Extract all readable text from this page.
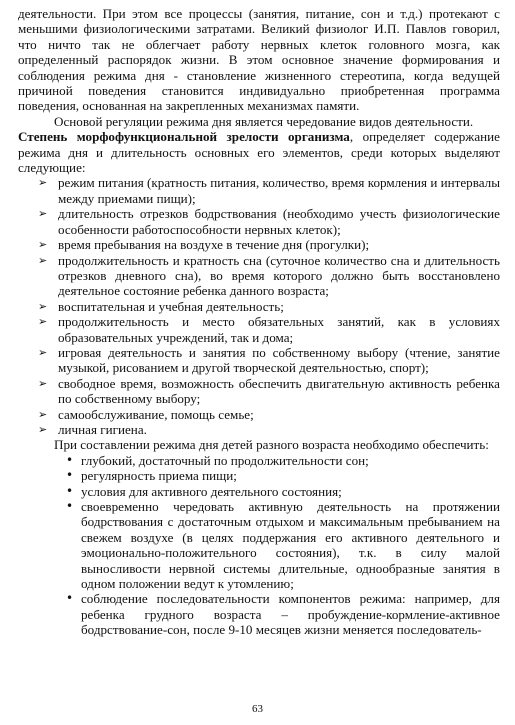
деятельности. При этом все процессы (занятия, питание, сон и т.д.) протекают с меньшими физиологическими затратами. Великий физиолог И.П. Павлов говорил, что ничто так не облегчает работу нервных клеток головного мозга, как определенный распорядок жизни. В этом основное значение формирования и соблюдения режима дня - становление жизненного стереотипа, когда ведущей причиной поведения становится индивидуально приобретенная программа поведения, основанная на закрепленных механизмах памяти.

Основой регуляции режима дня является чередование видов деятельности.

Степень морфофункциональной зрелости организма, определяет содержание режима дня и длительность основных его элементов, среди которых выделяют следующие:

➢ режим питания (кратность питания, количество, время кормления и интервалы между приемами пищи);
➢ длительность отрезков бодрствования (необходимо учесть физиологические особенности работоспособности нервных клеток);
➢ время пребывания на воздухе в течение дня (прогулки);
➢ продолжительность и кратность сна (суточное количество сна и длительность отрезков дневного сна), во время которого должно быть восстановлено деятельное состояние ребенка данного возраста;
➢ воспитательная и учебная деятельность;
➢ продолжительность и место обязательных занятий, как в условиях образовательных учреждений, так и дома;
➢ игровая деятельность и занятия по собственному выбору (чтение, занятие музыкой, рисованием и другой творческой деятельностью, спорт);
➢ свободное время, возможность обеспечить двигательную активность ребенка по собственному выбору;
➢ самообслуживание, помощь семье;
➢ личная гигиена.

При составлении режима дня детей разного возраста необходимо обеспечить:

• глубокий, достаточный по продолжительности сон;
• регулярность приема пищи;
• условия для активного деятельного состояния;
• своевременно чередовать активную деятельность на протяжении бодрствования с достаточным отдыхом и максимальным пребыванием на свежем воздухе (в целях поддержания его активного деятельного и эмоционально-положительного состояния), т.к. в силу малой выносливости нервной системы длительные, однообразные занятия в одном положении ведут к утомлению;
• соблюдение последовательности компонентов режима: например, для ребенка грудного возраста – пробуждение-кормление-активное бодрствование-сон, после 9-10 месяцев жизни меняется последователь-
63
